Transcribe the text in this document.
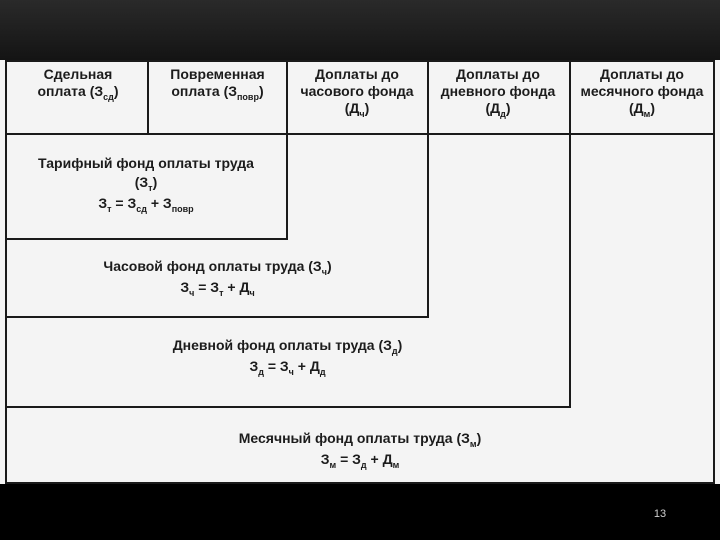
Сдельная оплата $(З_{сд})$
Повременная оплата $(З_{повр})$
Доплаты до часового фонда $(Д_ч)$
Доплаты до дневного фонда $(Д_д)$
Доплаты до месячного фонда $(Д_м)$
Тарифный фонд оплаты труда
$(З_т)$
$З_т = З_{сд} + З_{повр}$
Часовой фонд оплаты труда $(З_ч)$
$З_ч = З_т + Д_ч$
Дневной фонд оплаты труда $(З_д)$
$З_д = З_ч + Д_д$
Месячный фонд оплаты труда $(З_м)$
$З_м = З_д + Д_м$
13
